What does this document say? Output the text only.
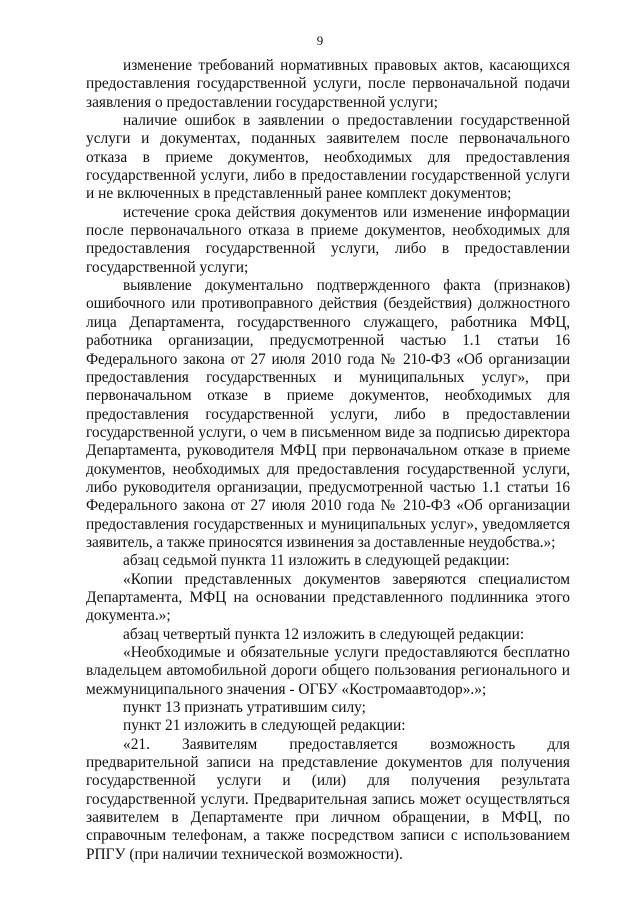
9

изменение требований нормативных правовых актов, касающихся предоставления государственной услуги, после первоначальной подачи заявления о предоставлении государственной услуги;

наличие ошибок в заявлении о предоставлении государственной услуги и документах, поданных заявителем после первоначального отказа в приеме документов, необходимых для предоставления государственной услуги, либо в предоставлении государственной услуги и не включенных в представленный ранее комплект документов;

истечение срока действия документов или изменение информации после первоначального отказа в приеме документов, необходимых для предоставления государственной услуги, либо в предоставлении государственной услуги;

выявление документально подтвержденного факта (признаков) ошибочного или противоправного действия (бездействия) должностного лица Департамента, государственного служащего, работника МФЦ, работника организации, предусмотренной частью 1.1 статьи 16 Федерального закона от 27 июля 2010 года № 210-ФЗ «Об организации предоставления государственных и муниципальных услуг», при первоначальном отказе в приеме документов, необходимых для предоставления государственной услуги, либо в предоставлении государственной услуги, о чем в письменном виде за подписью директора Департамента, руководителя МФЦ при первоначальном отказе в приеме документов, необходимых для предоставления государственной услуги, либо руководителя организации, предусмотренной частью 1.1 статьи 16 Федерального закона от 27 июля 2010 года № 210-ФЗ «Об организации предоставления государственных и муниципальных услуг», уведомляется заявитель, а также приносятся извинения за доставленные неудобства.»;

абзац седьмой пункта 11 изложить в следующей редакции:

«Копии представленных документов заверяются специалистом Департамента, МФЦ на основании представленного подлинника этого документа.»;

абзац четвертый пункта 12 изложить в следующей редакции:

«Необходимые и обязательные услуги предоставляются бесплатно владельцем автомобильной дороги общего пользования регионального и межмуниципального значения - ОГБУ «Костромаавтодор».»;

пункт 13 признать утратившим силу;

пункт 21 изложить в следующей редакции:

«21. Заявителям предоставляется возможность для предварительной записи на представление документов для получения государственной услуги и (или) для получения результата государственной услуги. Предварительная запись может осуществляться заявителем в Департаменте при личном обращении, в МФЦ, по справочным телефонам, а также посредством записи с использованием РПГУ (при наличии технической возможности).
